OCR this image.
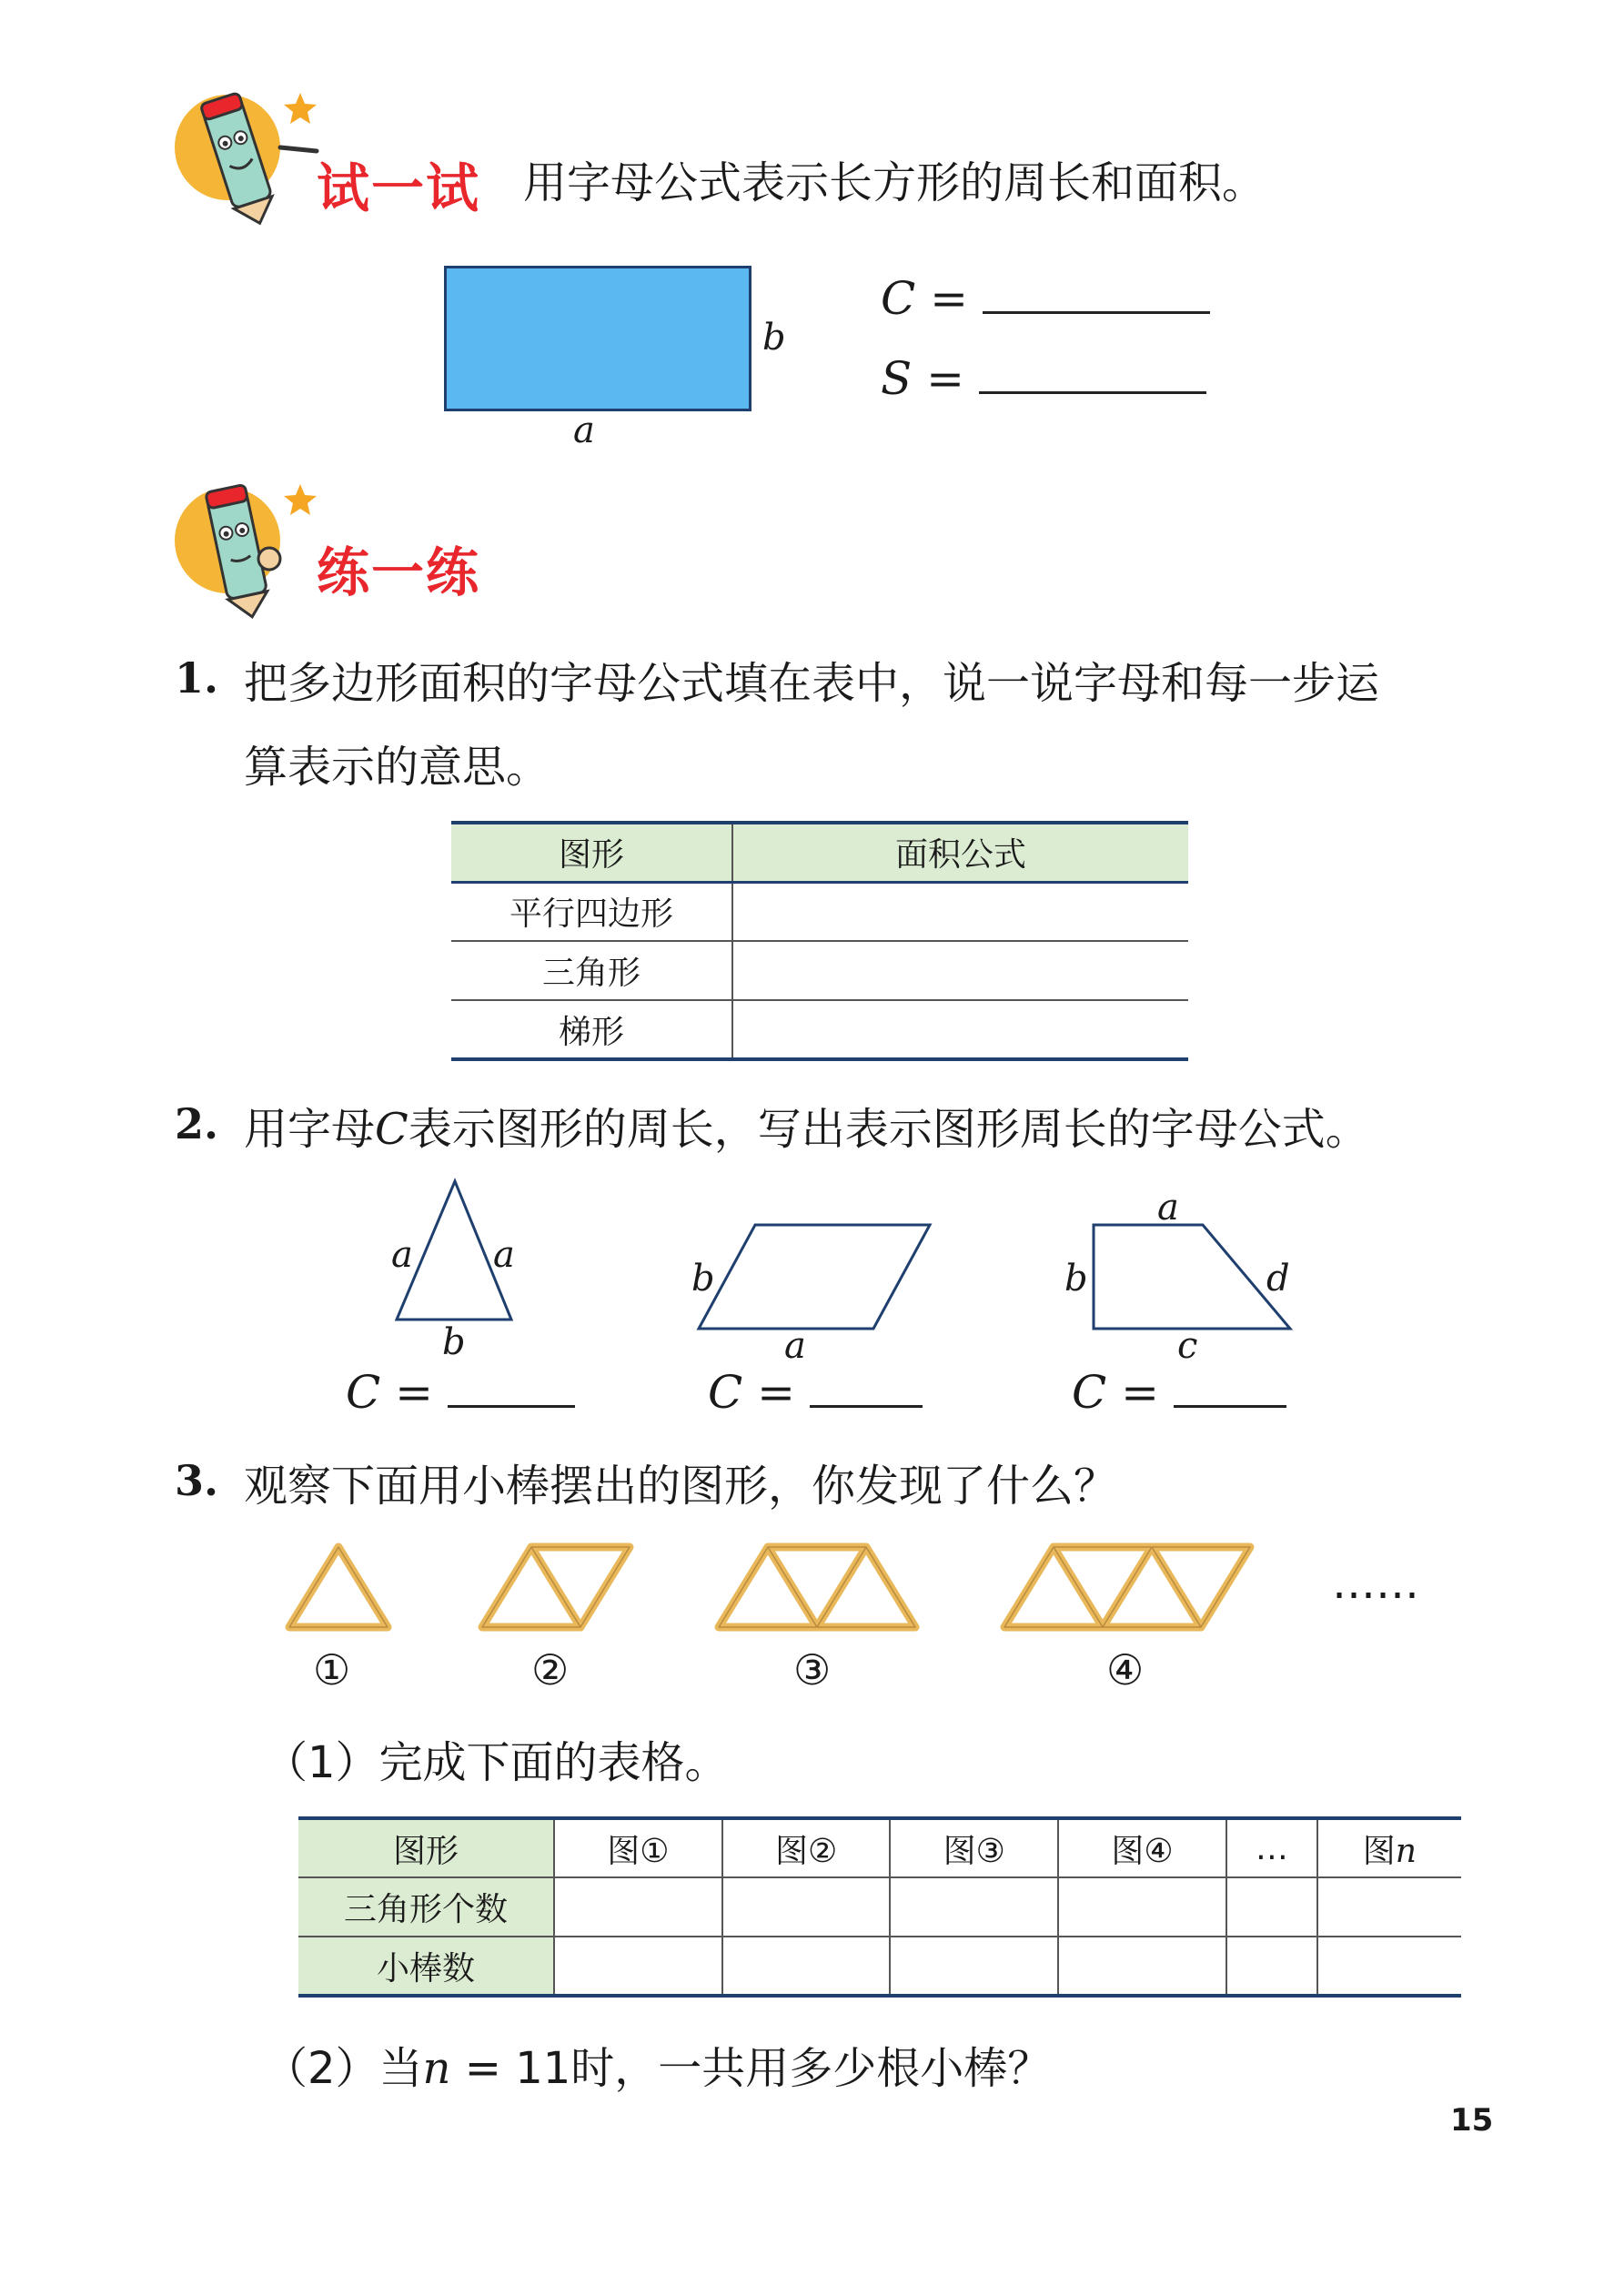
试一试 用字母公式表示长方形的周长和面积。
b
a
C =
S =
练一练
1. 把多边形面积的字母公式填在表中，说一说字母和每一步运
算表示的意思。
图形	面积公式
平行四边形	
三角形	
梯形	
2. 用字母C表示图形的周长，写出表示图形周长的字母公式。
a a
b
C =
b
a
C =
a
b	d
c
C =
3. 观察下面用小棒摆出的图形，你发现了什么？
……
①	②	③	④
（1）完成下面的表格。
图形	图①	图②	图③	图④	…	图n
三角形个数						
小棒数						
（2）当n = 11时，一共用多少根小棒？
15
